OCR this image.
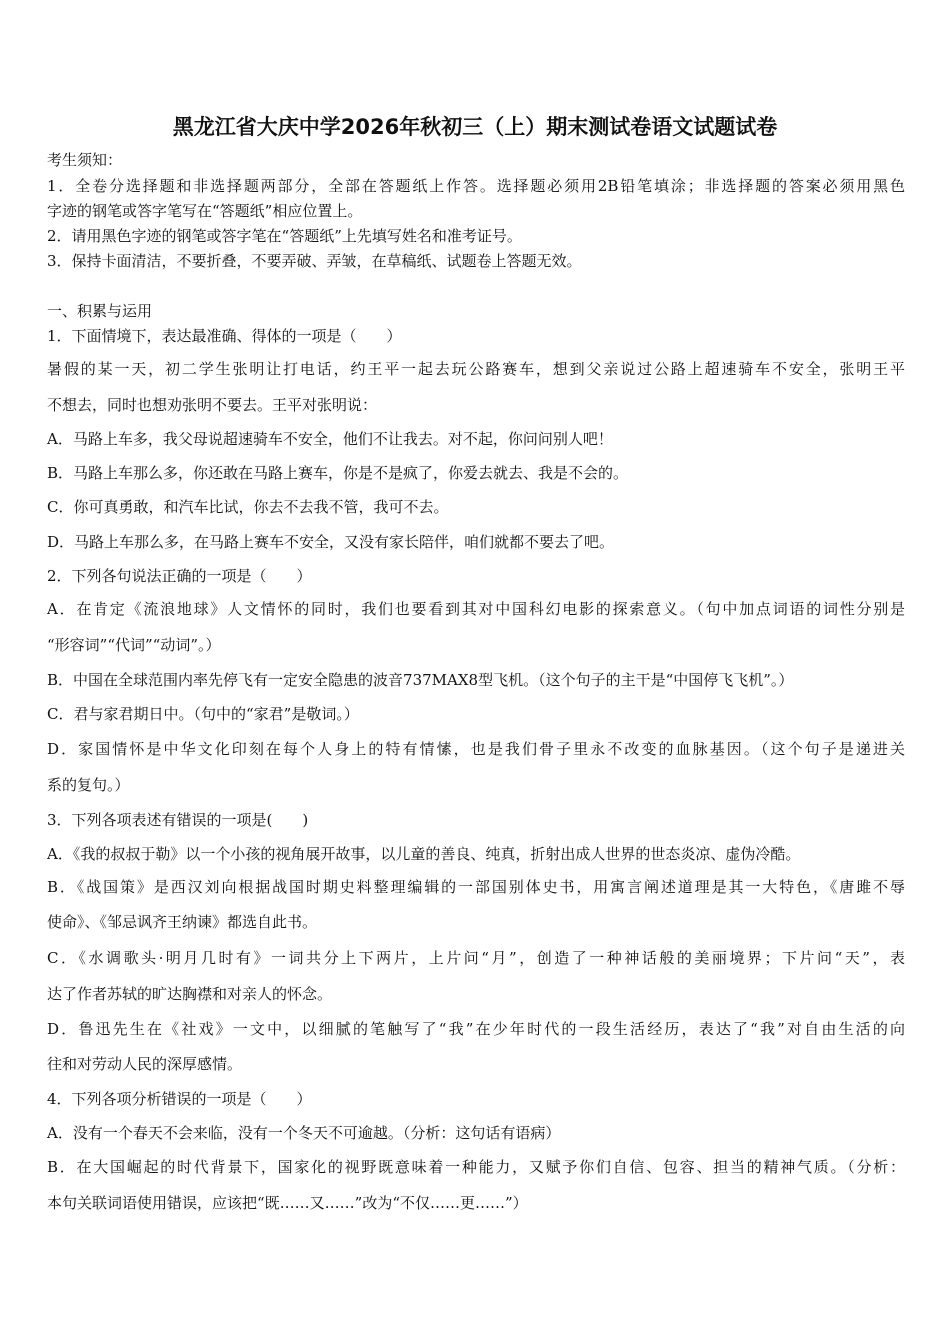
黑龙江省大庆中学2026年秋初三（上）期末测试卷语文试题试卷
考生须知：
1．全卷分选择题和非选择题两部分，全部在答题纸上作答。选择题必须用2B铅笔填涂；非选择题的答案必须用黑色
字迹的钢笔或答字笔写在“答题纸”相应位置上。
2．请用黑色字迹的钢笔或答字笔在“答题纸”上先填写姓名和准考证号。
3．保持卡面清洁，不要折叠，不要弄破、弄皱，在草稿纸、试题卷上答题无效。
一、积累与运用
1．下面情境下，表达最准确、得体的一项是（　　）
暑假的某一天，初二学生张明让打电话，约王平一起去玩公路赛车，想到父亲说过公路上超速骑车不安全，张明王平
不想去，同时也想劝张明不要去。王平对张明说：
A．马路上车多，我父母说超速骑车不安全，他们不让我去。对不起，你问问别人吧！
B．马路上车那么多，你还敢在马路上赛车，你是不是疯了，你爱去就去、我是不会的。
C．你可真勇敢，和汽车比试，你去不去我不管，我可不去。
D．马路上车那么多，在马路上赛车不安全，又没有家长陪伴，咱们就都不要去了吧。
2．下列各句说法正确的一项是（　　）
A．在肯定《流浪地球》人文情怀的同时，我们也要看到其对中国科幻电影的探索意义。（句中加点词语的词性分别是
“形容词”“代词”“动词”。）
B．中国在全球范围内率先停飞有一定安全隐患的波音737MAX8型飞机。（这个句子的主干是“中国停飞飞机”。）
C．君与家君期日中。（句中的“家君”是敬词。）
D．家国情怀是中华文化印刻在每个人身上的特有情愫，也是我们骨子里永不改变的血脉基因。（这个句子是递进关
系的复句。）
3．下列各项表述有错误的一项是(　　)
A．《我的叔叔于勒》以一个小孩的视角展开故事，以儿童的善良、纯真，折射出成人世界的世态炎凉、虚伪冷酷。
B．《战国策》是西汉刘向根据战国时期史料整理编辑的一部国别体史书，用寓言阐述道理是其一大特色，《唐雎不辱
使命》、《邹忌讽齐王纳谏》都选自此书。
C．《水调歌头·明月几时有》一词共分上下两片，上片问“月”，创造了一种神话般的美丽境界；下片问“天”，表
达了作者苏轼的旷达胸襟和对亲人的怀念。
D．鲁迅先生在《社戏》一文中，以细腻的笔触写了“我”在少年时代的一段生活经历，表达了“我”对自由生活的向
往和对劳动人民的深厚感情。
4．下列各项分析错误的一项是（　　）
A．没有一个春天不会来临，没有一个冬天不可逾越。（分析：这句话有语病）
B．在大国崛起的时代背景下，国家化的视野既意味着一种能力，又赋予你们自信、包容、担当的精神气质。（分析：
本句关联词语使用错误，应该把“既……又……”改为“不仅……更……”）
